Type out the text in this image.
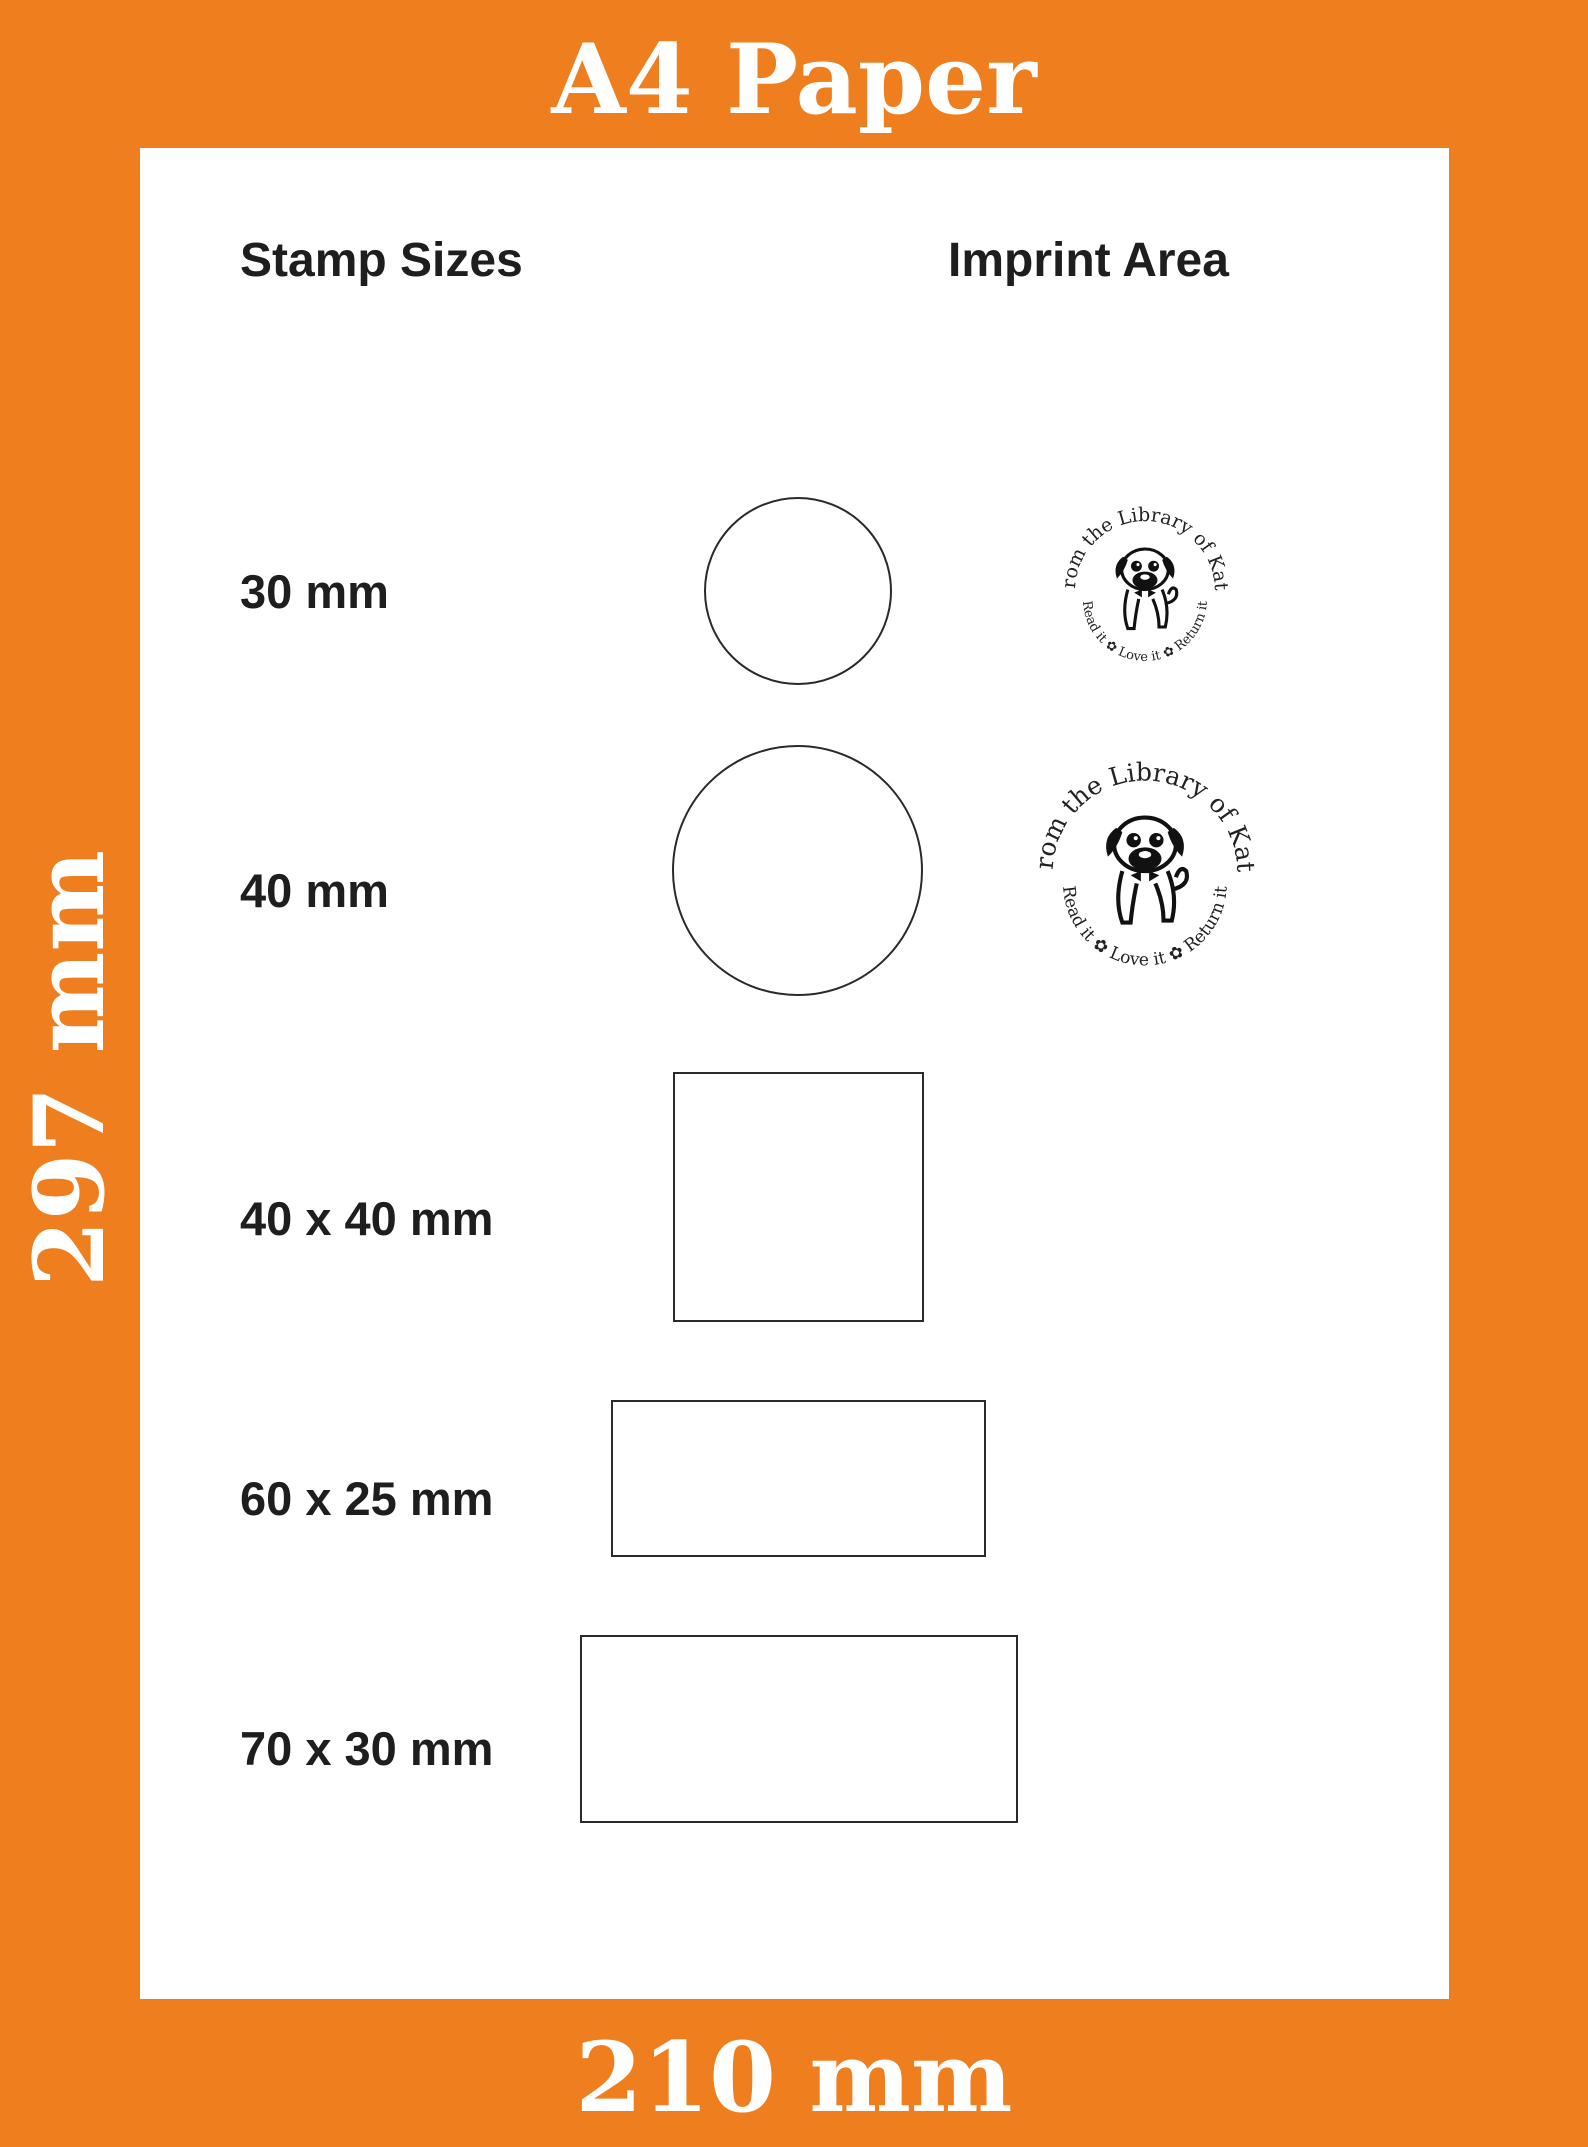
A4 Paper
297 mm
210 mm
Stamp Sizes	Imprint Area
30 mm
From the Library of Kate
Read it ✿ Love it ✿ Return it
40 mm
From the Library of Kate
Read it ✿ Love it ✿ Return it
40 x 40 mm
60 x 25 mm
70 x 30 mm
